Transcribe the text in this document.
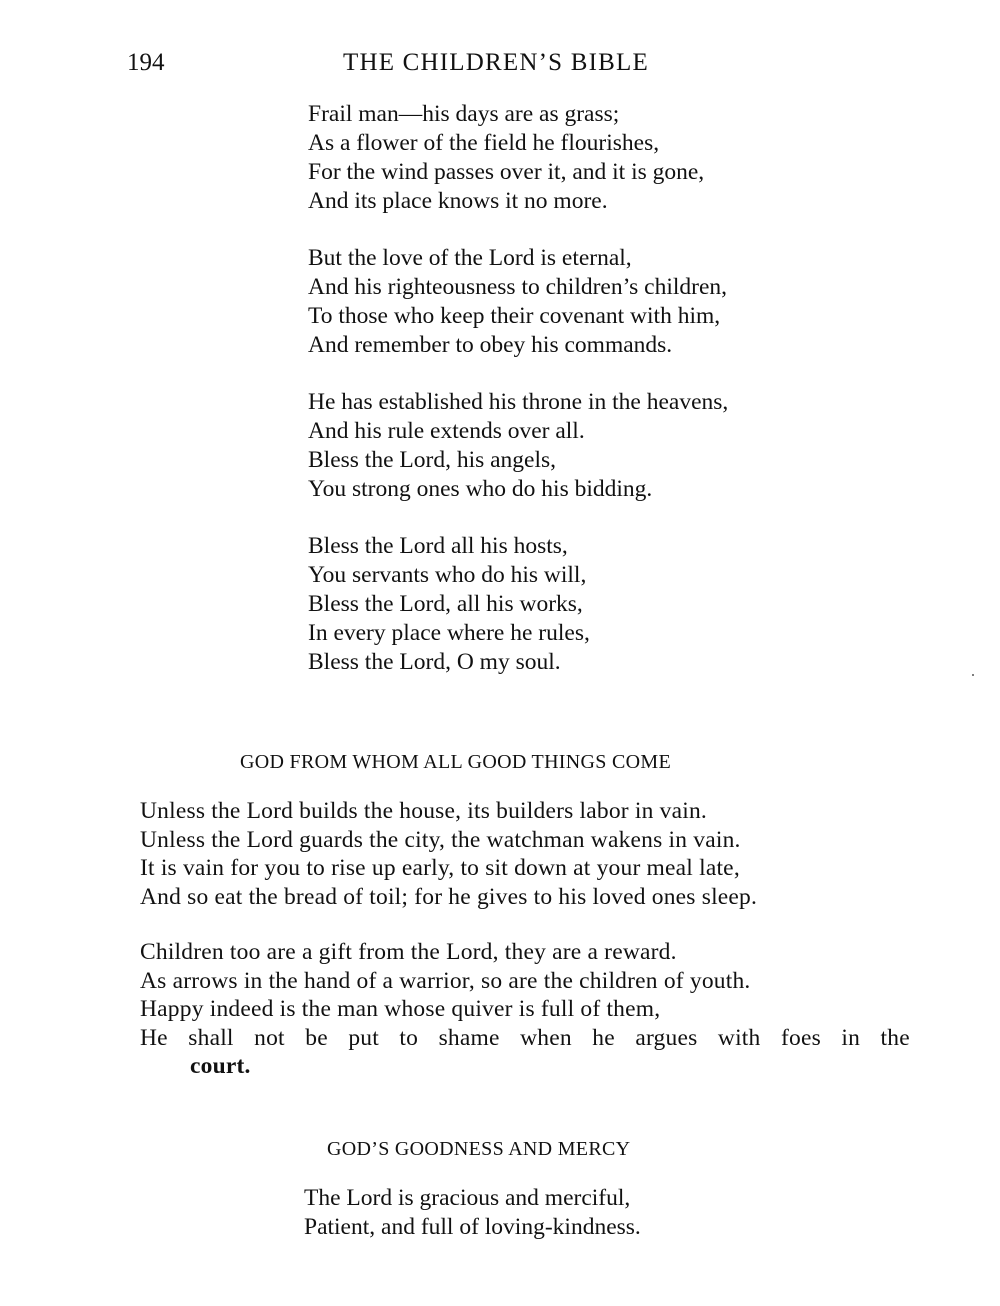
194	THE CHILDREN’S BIBLE
Frail man—his days are as grass;
As a flower of the field he flourishes,
For the wind passes over it, and it is gone,
And its place knows it no more.
But the love of the Lord is eternal,
And his righteousness to children’s children,
To those who keep their covenant with him,
And remember to obey his commands.
He has established his throne in the heavens,
And his rule extends over all.
Bless the Lord, his angels,
You strong ones who do his bidding.
Bless the Lord all his hosts,
You servants who do his will,
Bless the Lord, all his works,
In every place where he rules,
Bless the Lord, O my soul.
GOD FROM WHOM ALL GOOD THINGS COME
Unless the Lord builds the house, its builders labor in vain.
Unless the Lord guards the city, the watchman wakens in vain.
It is vain for you to rise up early, to sit down at your meal late,
And so eat the bread of toil; for he gives to his loved ones sleep.
Children too are a gift from the Lord, they are a reward.
As arrows in the hand of a warrior, so are the children of youth.
Happy indeed is the man whose quiver is full of them,
He shall not be put to shame when he argues with foes in the
court.
GOD’S GOODNESS AND MERCY
The Lord is gracious and merciful,
Patient, and full of loving-kindness.
